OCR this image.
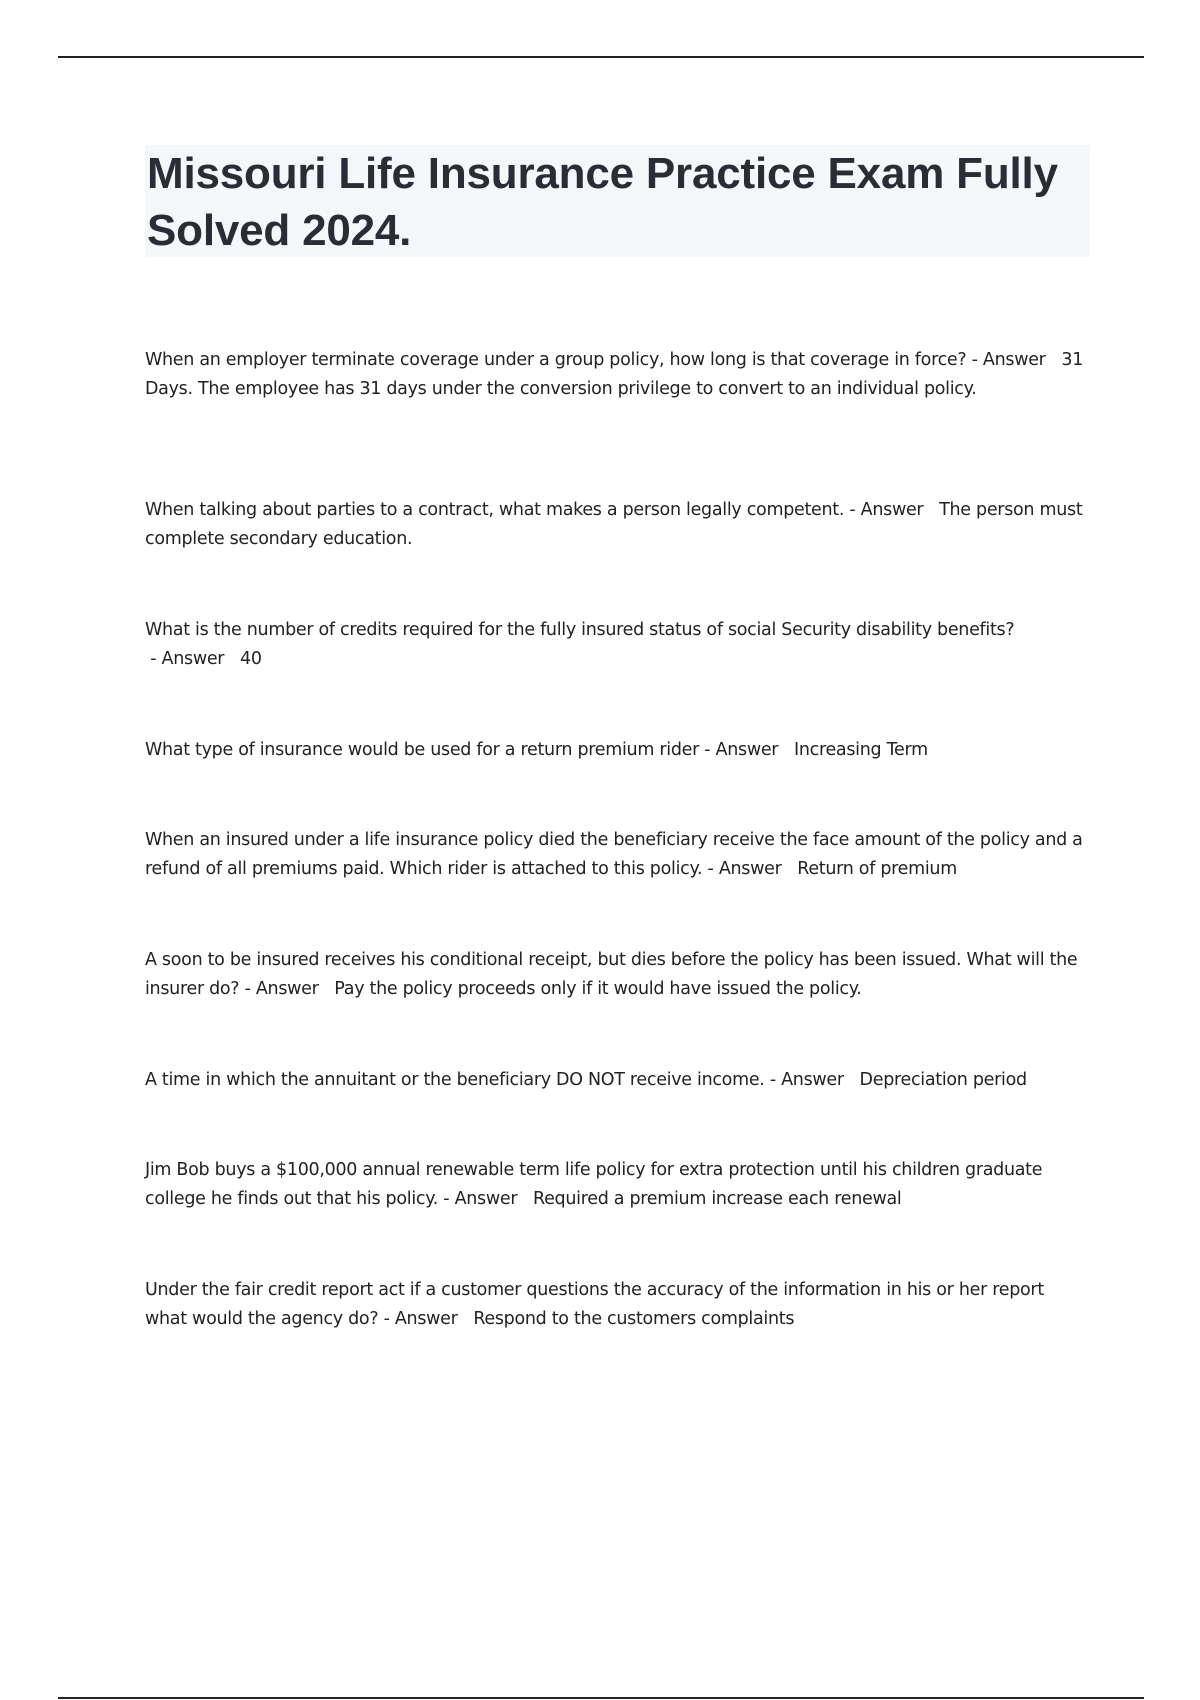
Missouri Life Insurance Practice Exam Fully Solved 2024.

When an employer terminate coverage under a group policy, how long is that coverage in force? - Answer   31 Days. The employee has 31 days under the conversion privilege to convert to an individual policy.

When talking about parties to a contract, what makes a person legally competent. - Answer   The person must complete secondary education.

What is the number of credits required for the fully insured status of social Security disability benefits? - Answer   40

What type of insurance would be used for a return premium rider - Answer   Increasing Term

When an insured under a life insurance policy died the beneficiary receive the face amount of the policy and a refund of all premiums paid. Which rider is attached to this policy. - Answer   Return of premium

A soon to be insured receives his conditional receipt, but dies before the policy has been issued. What will the insurer do? - Answer   Pay the policy proceeds only if it would have issued the policy.

A time in which the annuitant or the beneficiary DO NOT receive income. - Answer   Depreciation period

Jim Bob buys a $100,000 annual renewable term life policy for extra protection until his children graduate college he finds out that his policy. - Answer   Required a premium increase each renewal

Under the fair credit report act if a customer questions the accuracy of the information in his or her report what would the agency do? - Answer   Respond to the customers complaints
